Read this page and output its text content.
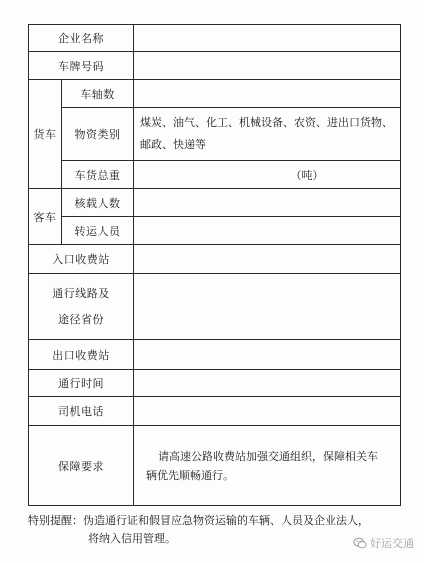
企业名称		
车牌号码		
货车	车轴数	
	物资类别	煤炭、油气、化工、机械设备、农资、进出口货物、
邮政、快递等

	车货总重	（吨）
客车	核载人数	
	转运人员	
入口收费站		

通行线路及
途径省份		

出口收费站		
通行时间		
司机电话		
保障要求		请高速公路收费站加强交通组织，保障相关车
辆优先顺畅通行。
特别提醒：伪造通行证和假冒应急物资运输的车辆、人员及企业法人，
将纳入信用管理。	好运交通
